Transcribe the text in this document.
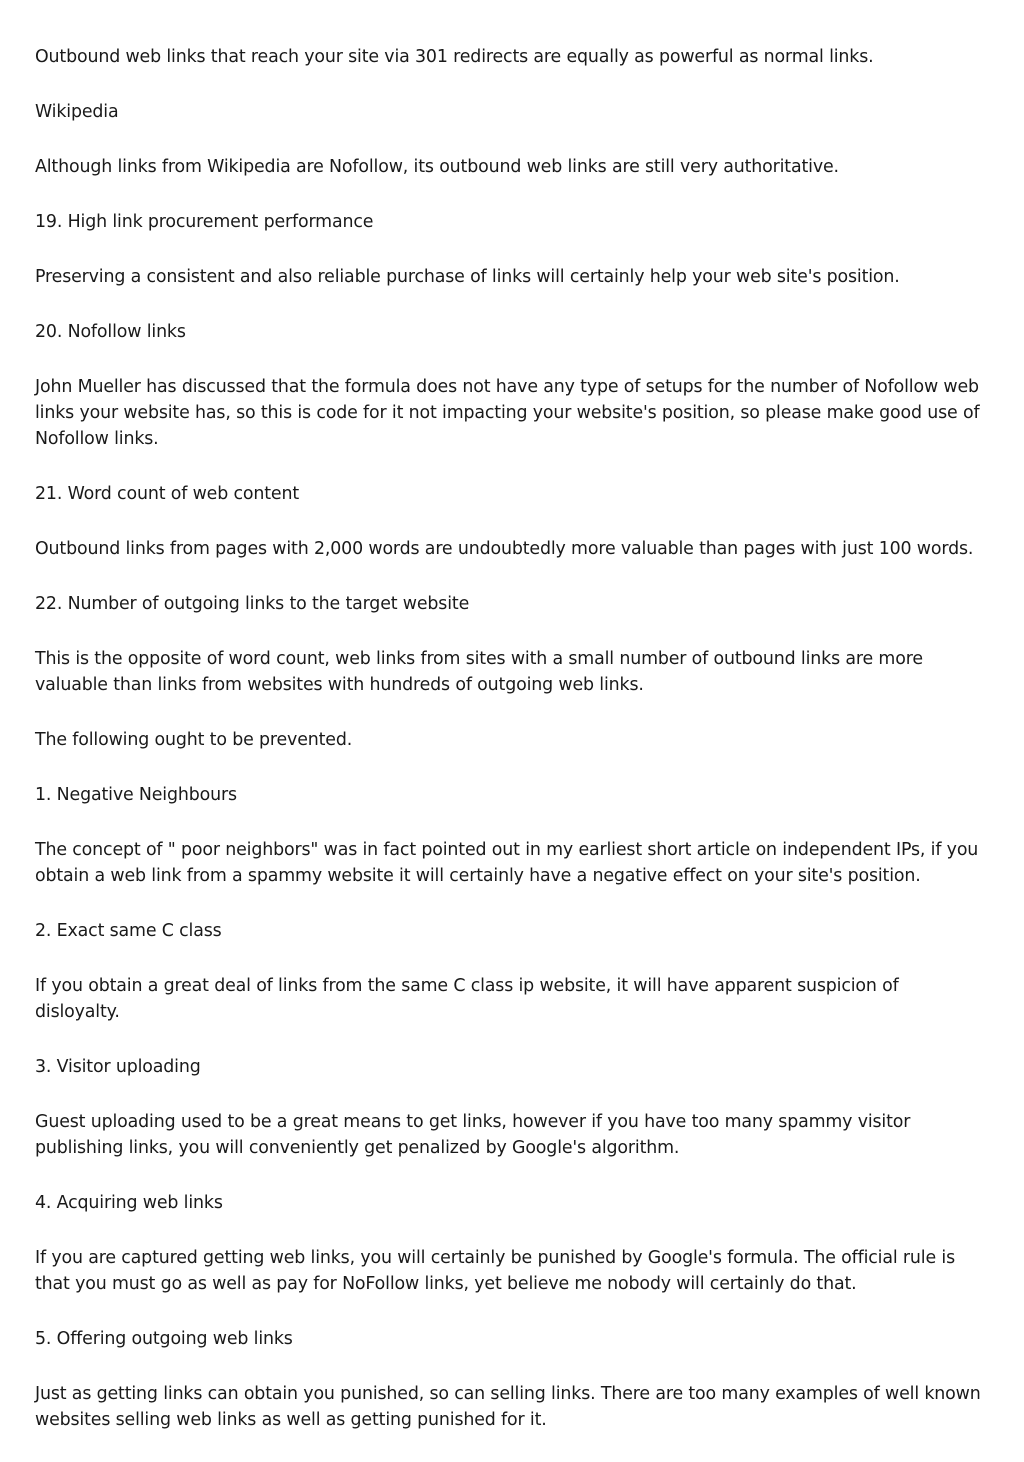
Outbound web links that reach your site via 301 redirects are equally as powerful as normal links.

Wikipedia

Although links from Wikipedia are Nofollow, its outbound web links are still very authoritative.

19. High link procurement performance

Preserving a consistent and also reliable purchase of links will certainly help your web site's position.

20. Nofollow links

John Mueller has discussed that the formula does not have any type of setups for the number of Nofollow web links your website has, so this is code for it not impacting your website's position, so please make good use of Nofollow links.

21. Word count of web content

Outbound links from pages with 2,000 words are undoubtedly more valuable than pages with just 100 words.

22. Number of outgoing links to the target website

This is the opposite of word count, web links from sites with a small number of outbound links are more valuable than links from websites with hundreds of outgoing web links.

The following ought to be prevented.

1. Negative Neighbours

The concept of " poor neighbors" was in fact pointed out in my earliest short article on independent IPs, if you obtain a web link from a spammy website it will certainly have a negative effect on your site's position.

2. Exact same C class

If you obtain a great deal of links from the same C class ip website, it will have apparent suspicion of disloyalty.

3. Visitor uploading

Guest uploading used to be a great means to get links, however if you have too many spammy visitor publishing links, you will conveniently get penalized by Google's algorithm.

4. Acquiring web links

If you are captured getting web links, you will certainly be punished by Google's formula. The official rule is that you must go as well as pay for NoFollow links, yet believe me nobody will certainly do that.

5. Offering outgoing web links

Just as getting links can obtain you punished, so can selling links. There are too many examples of well known websites selling web links as well as getting punished for it.
